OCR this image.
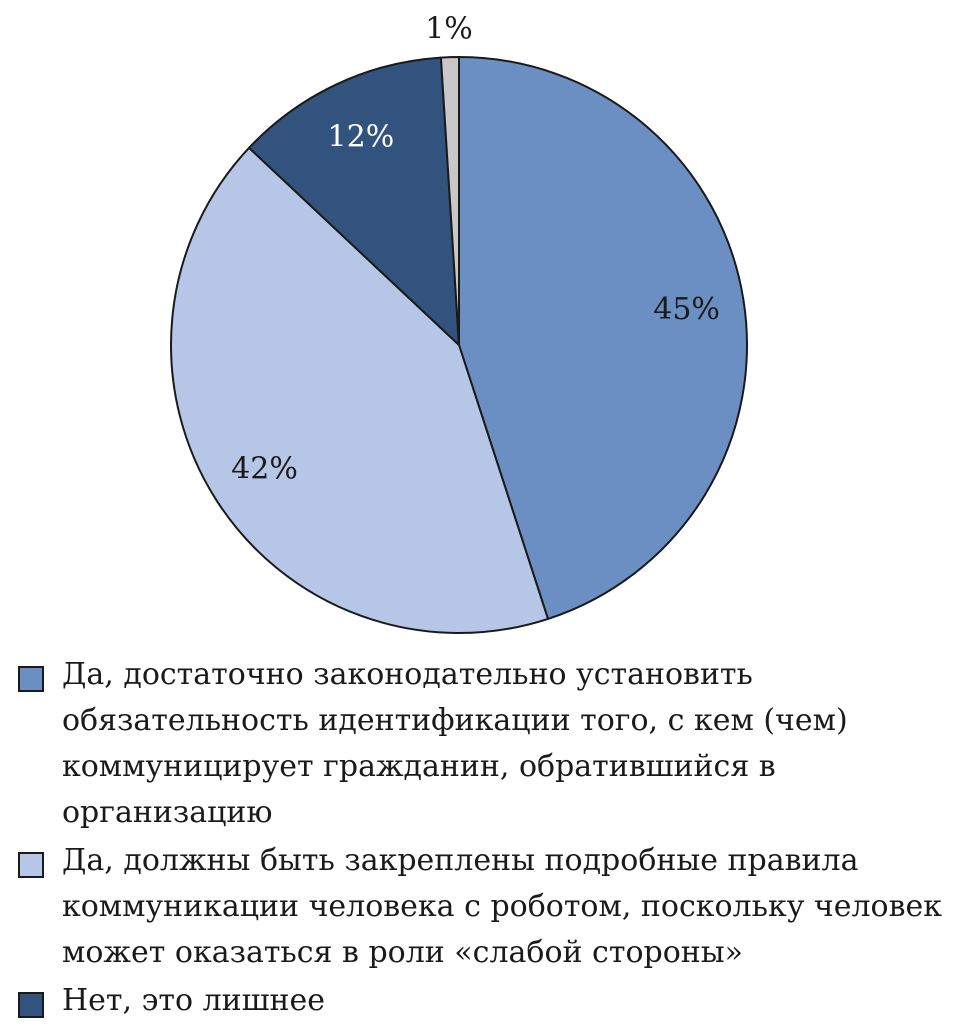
45%
42%
12%
1%
Да, достаточно законодательно установить обязательность идентификации того, с кем (чем) коммуницирует гражданин, обратившийся в организацию
Да, должны быть закреплены подробные правила коммуникации человека с роботом, поскольку человек может оказаться в роли «слабой стороны»
Нет, это лишнее
